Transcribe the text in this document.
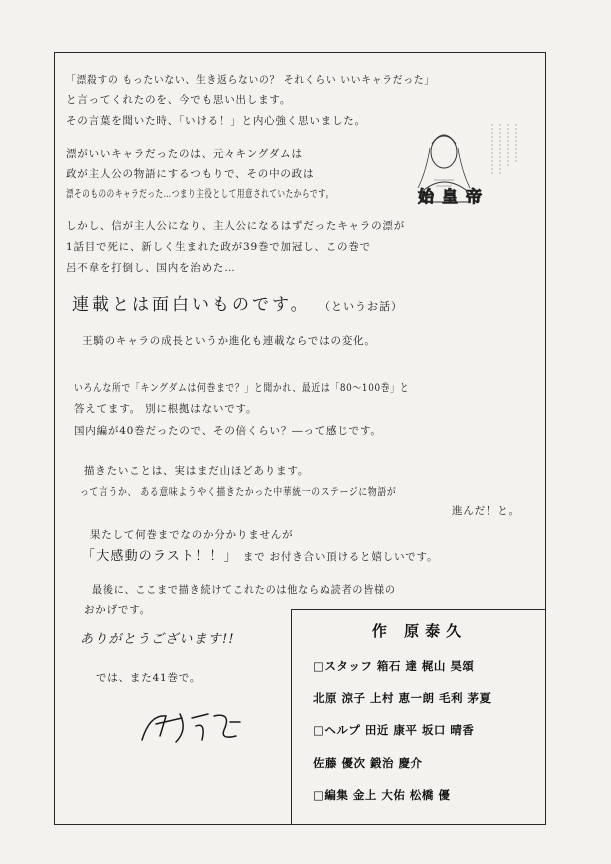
「漂殺すの もったいない、生き返らないの？ それくらい いいキャラだった」
と言ってくれたのを、今でも思い出します。
その言葉を聞いた時、「いける！」と内心強く思いました。
漂がいいキャラだったのは、元々キングダムは
政が主人公の物語にするつもりで、その中の政は
漂そのもののキャラだった…つまり主役として用意されていたからです。	始皇帝
しかし、信が主人公になり、主人公になるはずだったキャラの漂が
1話目で死に、新しく生まれた政が39巻で加冠し、この巻で
呂不韋を打倒し、国内を治めた…
連載とは面白いものです。 （というお話）
王騎のキャラの成長というか進化も連載ならではの変化。
いろんな所で「キングダムは何巻まで？」と聞かれ、最近は「80～100巻」と
答えてます。 別に根拠はないです。
国内編が40巻だったので、その倍くらい？―って感じです。
描きたいことは、実はまだ山ほどあります。
って言うか、 ある意味ようやく描きたかった中華統一のステージに物語が
進んだ！と。
果たして何巻までなのか分かりませんが
「大感動のラスト！！」 まで お付き合い頂けると嬉しいです。
最後に、ここまで描き続けてこれたのは他ならぬ読者の皆様の
おかげです。
ありがとうございます!!
では、また41巻で。
作 原泰久
□スタッフ 箱石 達 梶山 昊頌
北原 涼子 上村 恵一朗 毛利 茅夏
□ヘルプ 田近 康平 坂口 晴香
佐藤 優次 鍛治 慶介
□編集 金上 大佑 松橋 優
